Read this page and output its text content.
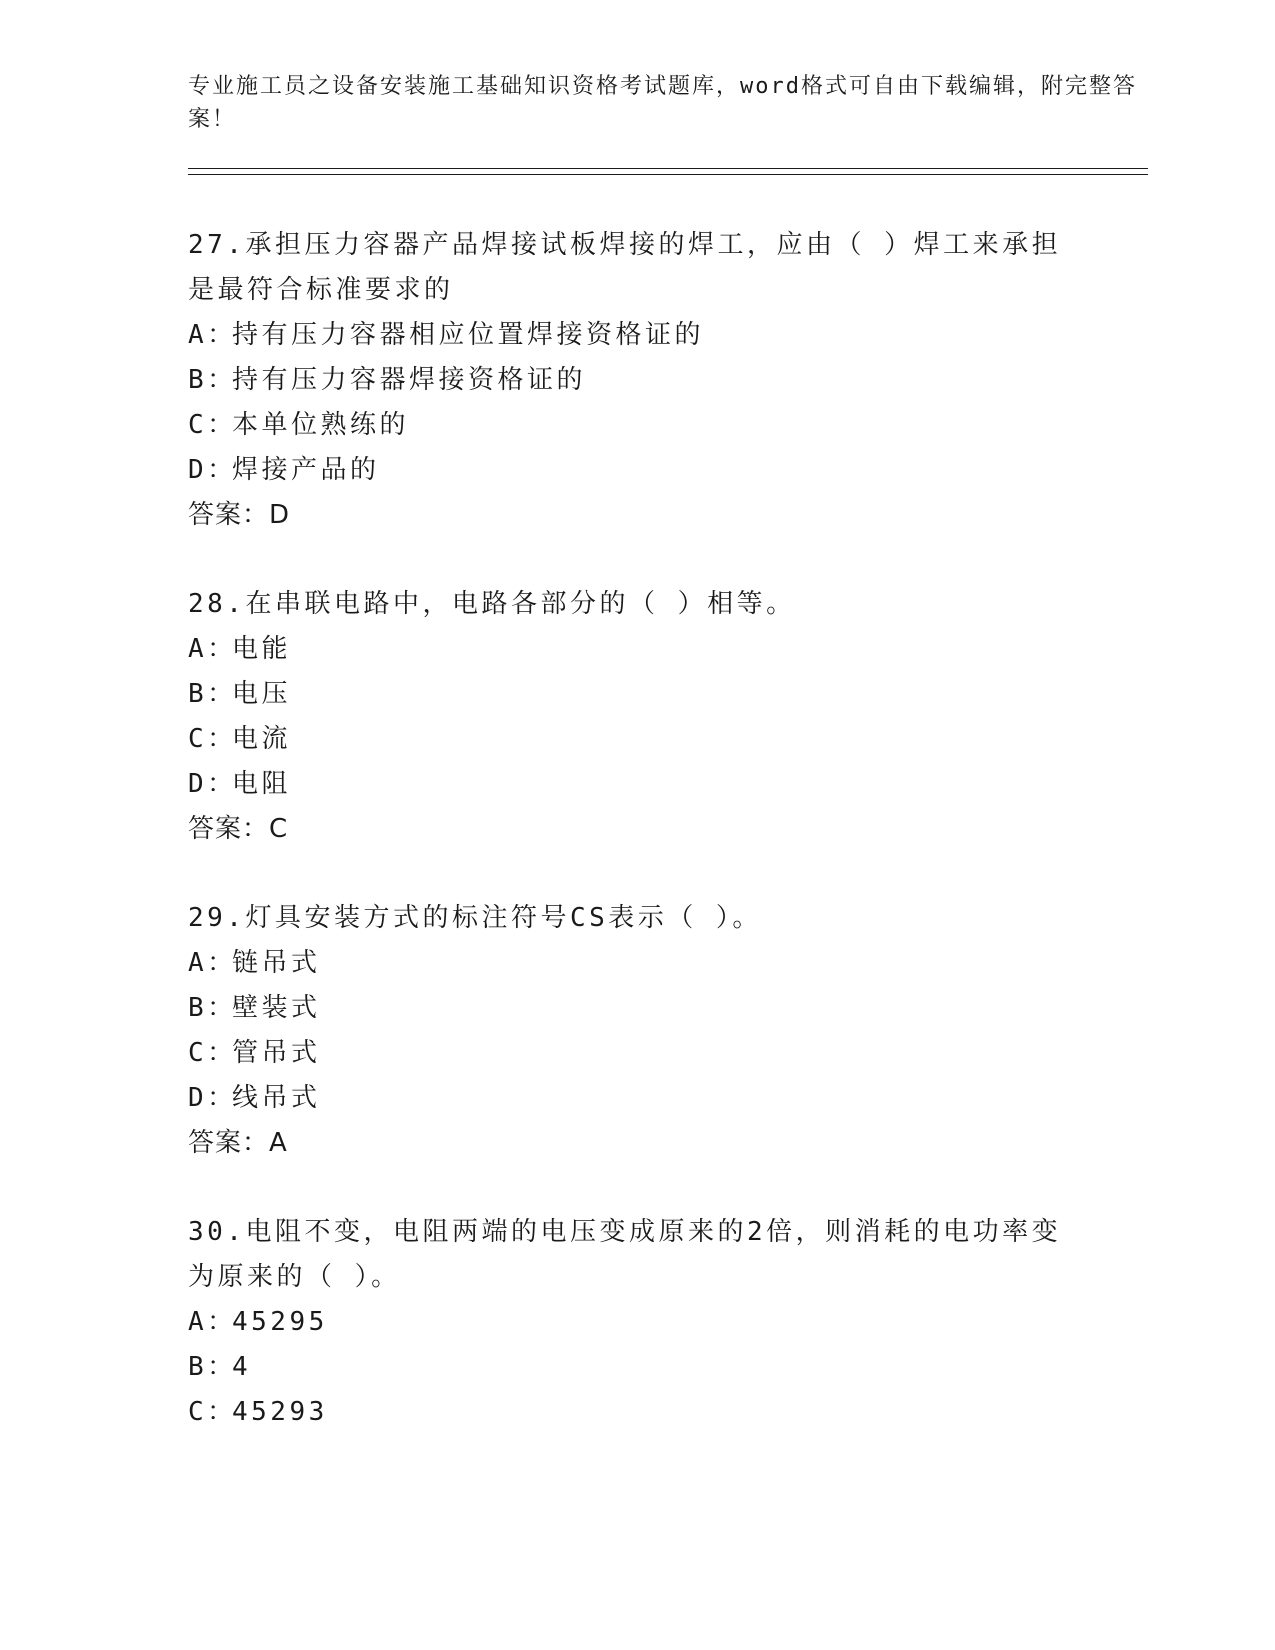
专业施工员之设备安装施工基础知识资格考试题库，word格式可自由下载编辑，附完整答案！

27.承担压力容器产品焊接试板焊接的焊工，应由（ ）焊工来承担是最符合标准要求的

A：持有压力容器相应位置焊接资格证的

B：持有压力容器焊接资格证的

C：本单位熟练的

D：焊接产品的

答案：D

28.在串联电路中，电路各部分的（ ）相等。

A：电能

B：电压

C：电流

D：电阻

答案：C

29.灯具安装方式的标注符号CS表示（ ）。

A：链吊式

B：壁装式

C：管吊式

D：线吊式

答案：A

30.电阻不变，电阻两端的电压变成原来的2倍，则消耗的电功率变为原来的（ ）。

A：45295

B：4

C：45293
